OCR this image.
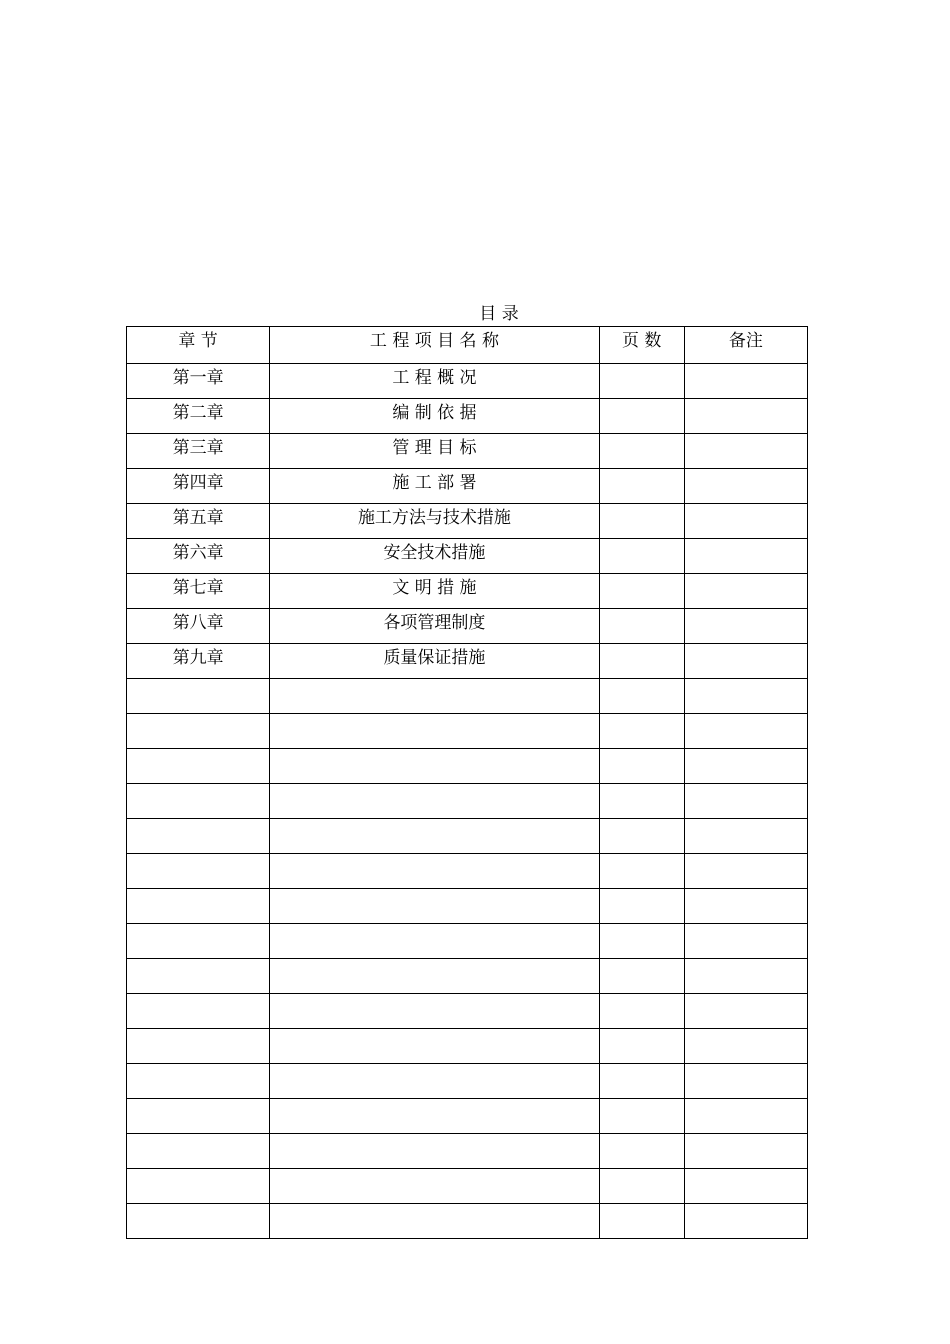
目 录
章 节	工 程 项 目 名 称	页 数	备注
第一章	工 程 概 况		
第二章	编 制 依 据		
第三章	管 理 目 标		
第四章	施 工 部 署		
第五章	施工方法与技术措施		
第六章	安全技术措施		
第七章	文 明 措 施		
第八章	各项管理制度		
第九章	质量保证措施		
